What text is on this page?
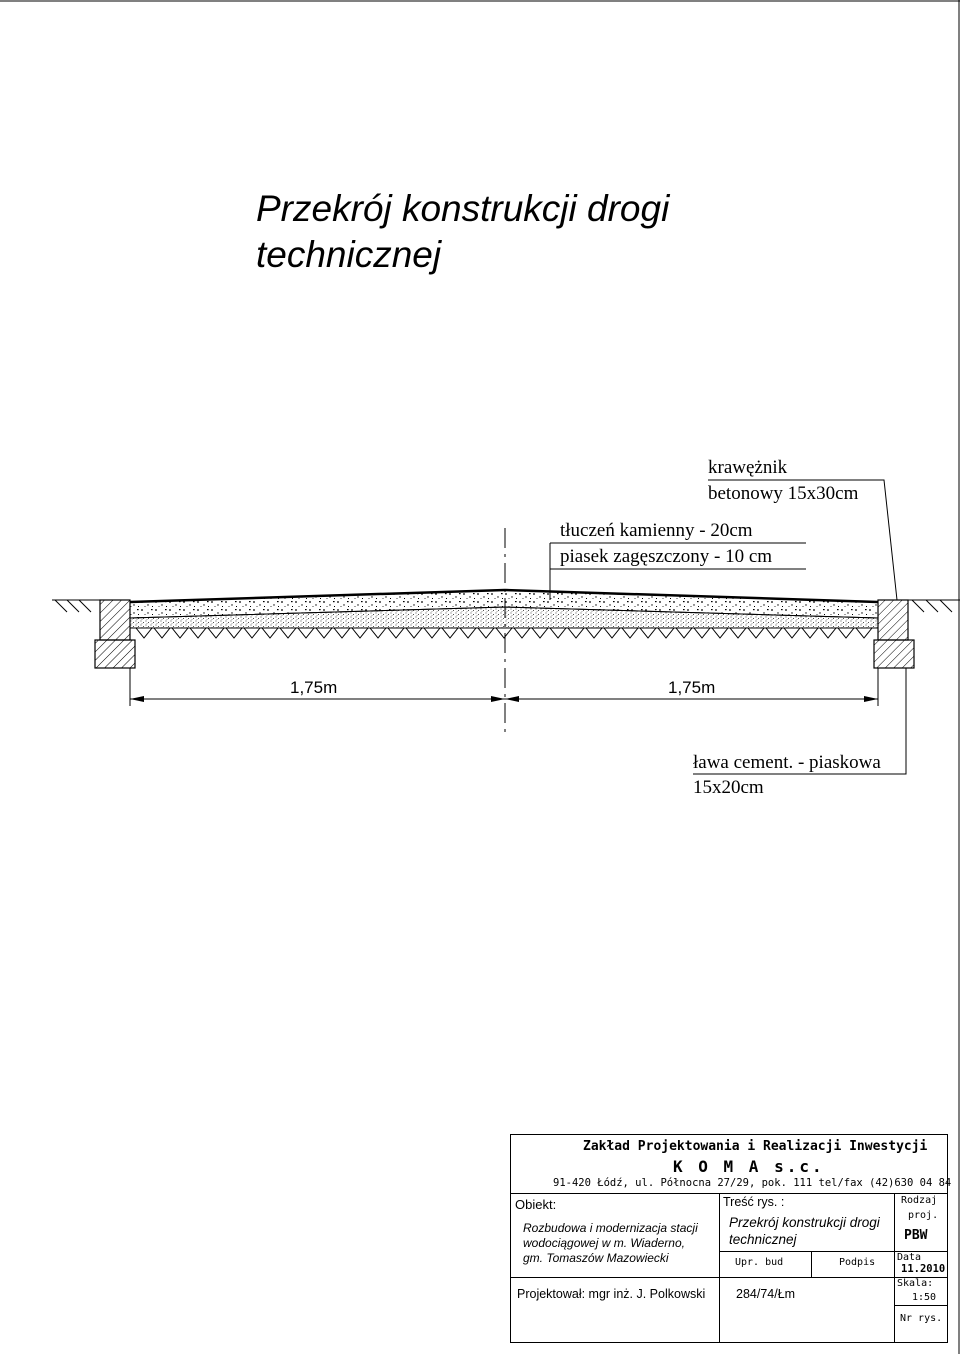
Przekrój konstrukcji drogi
technicznej
1,75m	1,75m
krawężnik
betonowy 15x30cm
tłuczeń kamienny - 20cm
piasek zagęszczony - 10 cm
ława cement. - piaskowa
15x20cm
Zakład Projektowania i Realizacji Inwestycji
K O M A s.c.
91-420 Łódź, ul. Północna 27/29, pok. 111 tel/fax (42)630 04 84
Obiekt:
Rozbudowa i modernizacja stacji
wodociągowej w m. Wiaderno,
gm. Tomaszów Mazowiecki
Projektował: mgr inż. J. Polkowski
Treść rys. :
Przekrój konstrukcji drogi
technicznej
Upr. bud	Podpis
284/74/Łm
Rodzaj
proj.
PBW
Data
11.2010
Skala:
1:50
Nr rys.
